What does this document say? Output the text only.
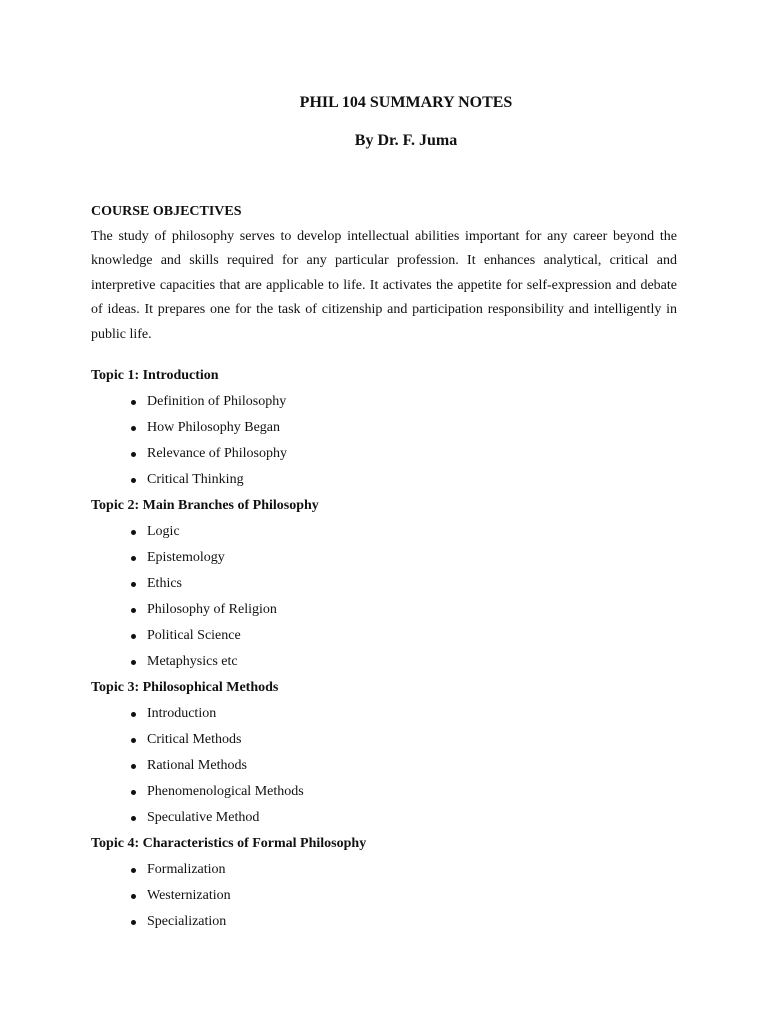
PHIL 104 SUMMARY NOTES
By Dr. F. Juma

COURSE OBJECTIVES

The study of philosophy serves to develop intellectual abilities important for any career beyond the knowledge and skills required for any particular profession. It enhances analytical, critical and interpretive capacities that are applicable to life. It activates the appetite for self-expression and debate of ideas. It prepares one for the task of citizenship and participation responsibility and intelligently in public life.

Topic 1: Introduction

Definition of Philosophy
How Philosophy Began
Relevance of Philosophy
Critical Thinking

Topic 2: Main Branches of Philosophy

Logic
Epistemology
Ethics
Philosophy of Religion
Political Science
Metaphysics etc

Topic 3: Philosophical Methods

Introduction
Critical Methods
Rational Methods
Phenomenological Methods
Speculative Method

Topic 4: Characteristics of Formal Philosophy

Formalization
Westernization
Specialization
